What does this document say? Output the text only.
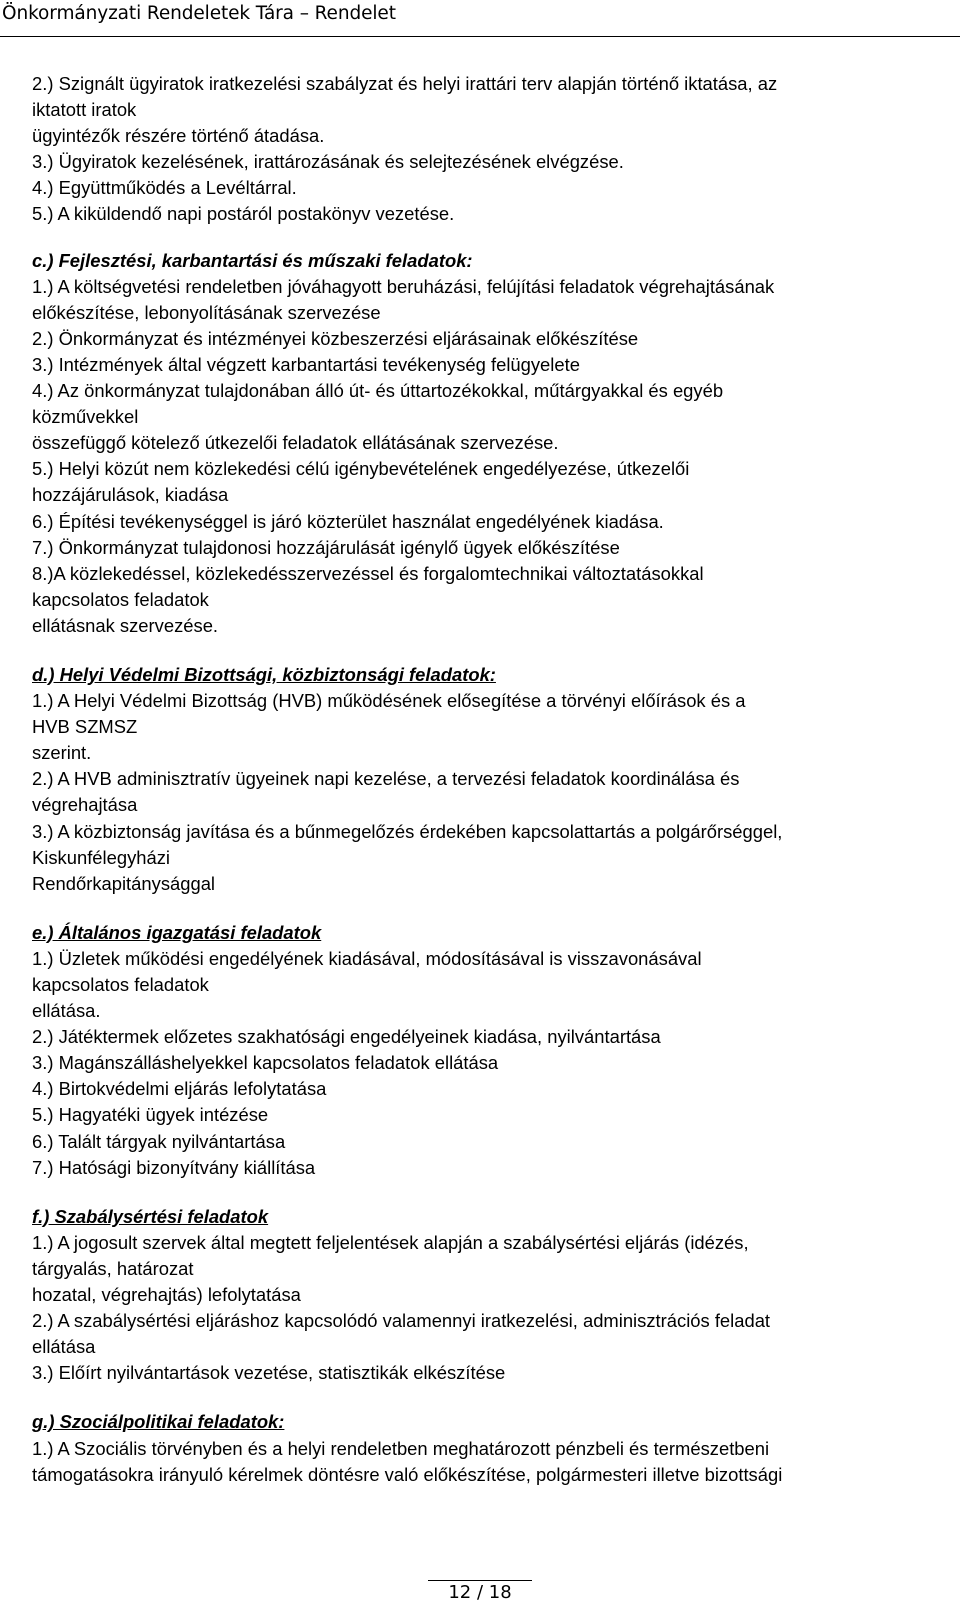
Önkormányzati Rendeletek Tára – Rendelet
2.) Szignált ügyiratok iratkezelési szabályzat és helyi irattári terv alapján történő iktatása, az
iktatott iratok
ügyintézők részére történő átadása.
3.) Ügyiratok kezelésének, irattározásának és selejtezésének elvégzése.
4.) Együttműködés a Levéltárral.
5.) A kiküldendő napi postáról postakönyv vezetése.
c.) Fejlesztési, karbantartási és műszaki feladatok:
1.) A költségvetési rendeletben jóváhagyott beruházási, felújítási feladatok végrehajtásának
előkészítése, lebonyolításának szervezése
2.) Önkormányzat és intézményei közbeszerzési eljárásainak előkészítése
3.) Intézmények által végzett karbantartási tevékenység felügyelete
4.) Az önkormányzat tulajdonában álló út- és úttartozékokkal, műtárgyakkal és egyéb
közművekkel
összefüggő kötelező útkezelői feladatok ellátásának szervezése.
5.) Helyi közút nem közlekedési célú igénybevételének engedélyezése, útkezelői
hozzájárulások, kiadása
6.) Építési tevékenységgel is járó közterület használat engedélyének kiadása.
7.) Önkormányzat tulajdonosi hozzájárulását igénylő ügyek előkészítése
8.)A közlekedéssel, közlekedésszervezéssel és forgalomtechnikai változtatásokkal
kapcsolatos feladatok
ellátásnak szervezése.
d.) Helyi Védelmi Bizottsági, közbiztonsági feladatok:
1.) A Helyi Védelmi Bizottság (HVB) működésének elősegítése a törvényi előírások és a
HVB SZMSZ
szerint.
2.) A HVB adminisztratív ügyeinek napi kezelése, a tervezési feladatok koordinálása és
végrehajtása
3.) A közbiztonság javítása és a bűnmegelőzés érdekében kapcsolattartás a polgárőrséggel,
Kiskunfélegyházi
Rendőrkapitánysággal
e.) Általános igazgatási feladatok
1.) Üzletek működési engedélyének kiadásával, módosításával is visszavonásával
kapcsolatos feladatok
ellátása.
2.) Játéktermek előzetes szakhatósági engedélyeinek kiadása, nyilvántartása
3.) Magánszálláshelyekkel kapcsolatos feladatok ellátása
4.) Birtokvédelmi eljárás lefolytatása
5.) Hagyatéki ügyek intézése
6.) Talált tárgyak nyilvántartása
7.) Hatósági bizonyítvány kiállítása
f.) Szabálysértési feladatok
1.) A jogosult szervek által megtett feljelentések alapján a szabálysértési eljárás (idézés,
tárgyalás, határozat
hozatal, végrehajtás) lefolytatása
2.) A szabálysértési eljáráshoz kapcsolódó valamennyi iratkezelési, adminisztrációs feladat
ellátása
3.) Előírt nyilvántartások vezetése, statisztikák elkészítése
g.) Szociálpolitikai feladatok:
1.) A Szociális törvényben és a helyi rendeletben meghatározott pénzbeli és természetbeni
támogatásokra irányuló kérelmek döntésre való előkészítése, polgármesteri illetve bizottsági
12 / 18
